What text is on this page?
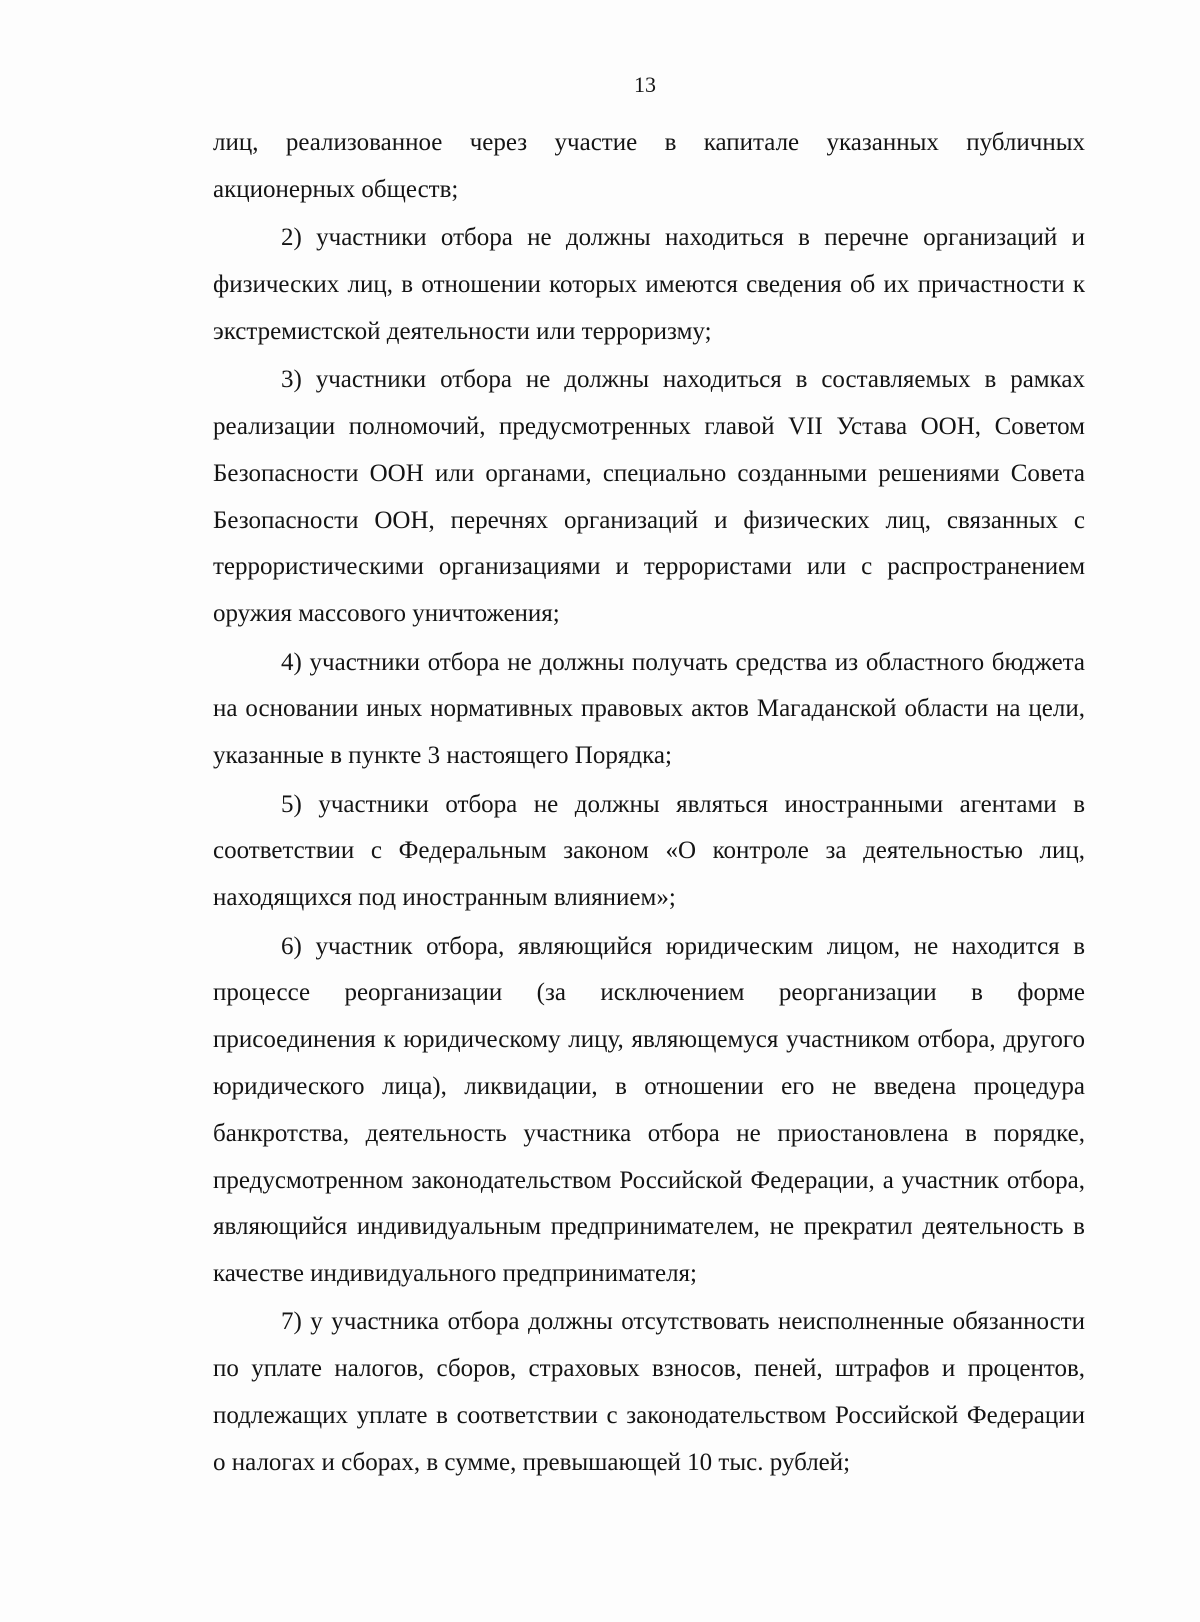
13

лиц, реализованное через участие в капитале указанных публичных акционерных обществ;

2) участники отбора не должны находиться в перечне организаций и физических лиц, в отношении которых имеются сведения об их причастности к экстремистской деятельности или терроризму;

3) участники отбора не должны находиться в составляемых в рамках реализации полномочий, предусмотренных главой VII Устава ООН, Советом Безопасности ООН или органами, специально созданными решениями Совета Безопасности ООН, перечнях организаций и физических лиц, связанных с террористическими организациями и террористами или с распространением оружия массового уничтожения;

4) участники отбора не должны получать средства из областного бюджета на основании иных нормативных правовых актов Магаданской области на цели, указанные в пункте 3 настоящего Порядка;

5) участники отбора не должны являться иностранными агентами в соответствии с Федеральным законом «О контроле за деятельностью лиц, находящихся под иностранным влиянием»;

6) участник отбора, являющийся юридическим лицом, не находится в процессе реорганизации (за исключением реорганизации в форме присоединения к юридическому лицу, являющемуся участником отбора, другого юридического лица), ликвидации, в отношении его не введена процедура банкротства, деятельность участника отбора не приостановлена в порядке, предусмотренном законодательством Российской Федерации, а участник отбора, являющийся индивидуальным предпринимателем, не прекратил деятельность в качестве индивидуального предпринимателя;

7) у участника отбора должны отсутствовать неисполненные обязанности по уплате налогов, сборов, страховых взносов, пеней, штрафов и процентов, подлежащих уплате в соответствии с законодательством Российской Федерации о налогах и сборах, в сумме, превышающей 10 тыс. рублей;
